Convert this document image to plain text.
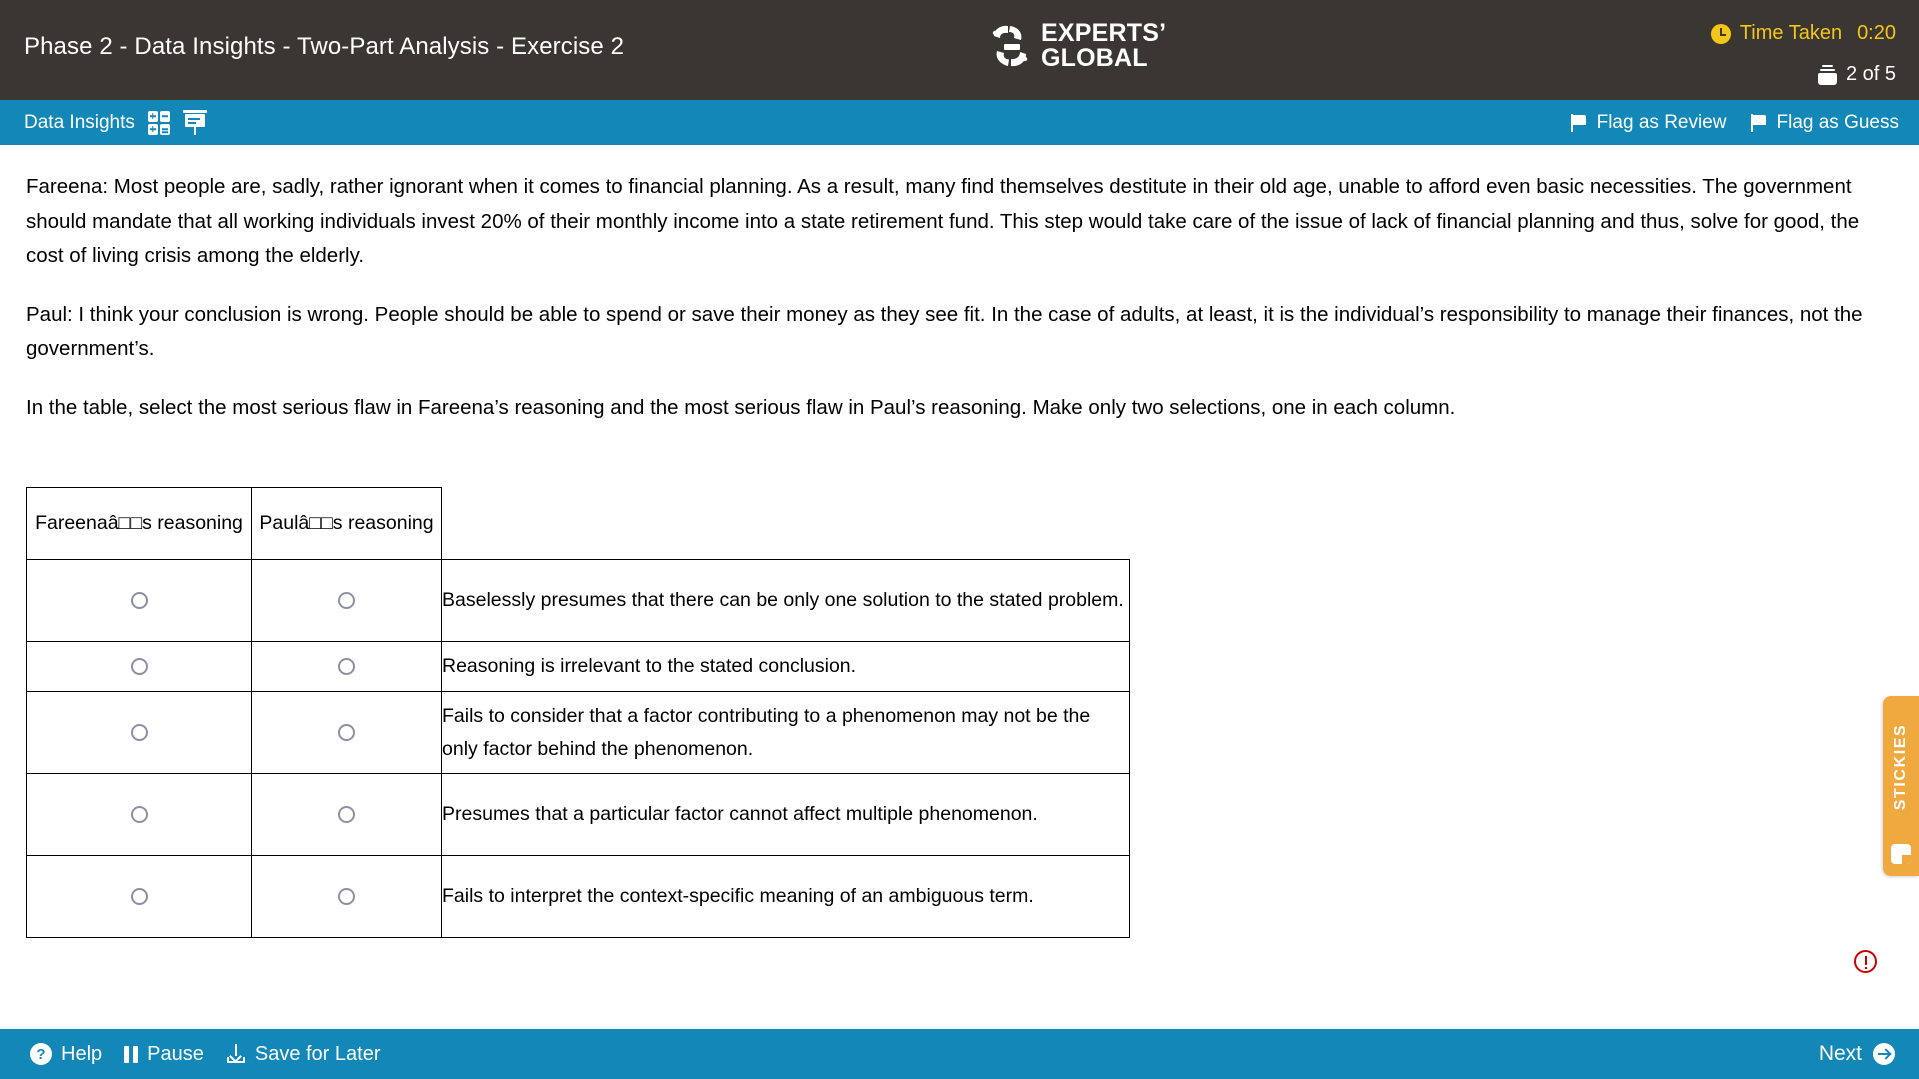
Phase 2 - Data Insights - Two-Part Analysis - Exercise 2	EXPERTS’
GLOBAL
Time Taken 0:20
2 of 5
Data Insights	Flag as Review	Flag as Guess

Fareena: Most people are, sadly, rather ignorant when it comes to financial planning. As a result, many find themselves destitute in their old age, unable to afford even basic necessities. The government should mandate that all working individuals invest 20% of their monthly income into a state retirement fund. This step would take care of the issue of lack of financial planning and thus, solve for good, the cost of living crisis among the elderly.

Paul: I think your conclusion is wrong. People should be able to spend or save their money as they see fit. In the case of adults, at least, it is the individual’s responsibility to manage their finances, not the government’s.

In the table, select the most serious flaw in Fareena’s reasoning and the most serious flaw in Paul’s reasoning. Make only two selections, one in each column.

Fareenaâ□□s reasoning	Paulâ□□s reasoning	
		Baselessly presumes that there can be only one solution to the stated problem.
		Reasoning is irrelevant to the stated conclusion.
		Fails to consider that a factor contributing to a phenomenon may not be the only factor behind the phenomenon.
		Presumes that a particular factor cannot affect multiple phenomenon.
		Fails to interpret the context-specific meaning of an ambiguous term.
STICKIES
? Help Pause	Save for Later	Next
